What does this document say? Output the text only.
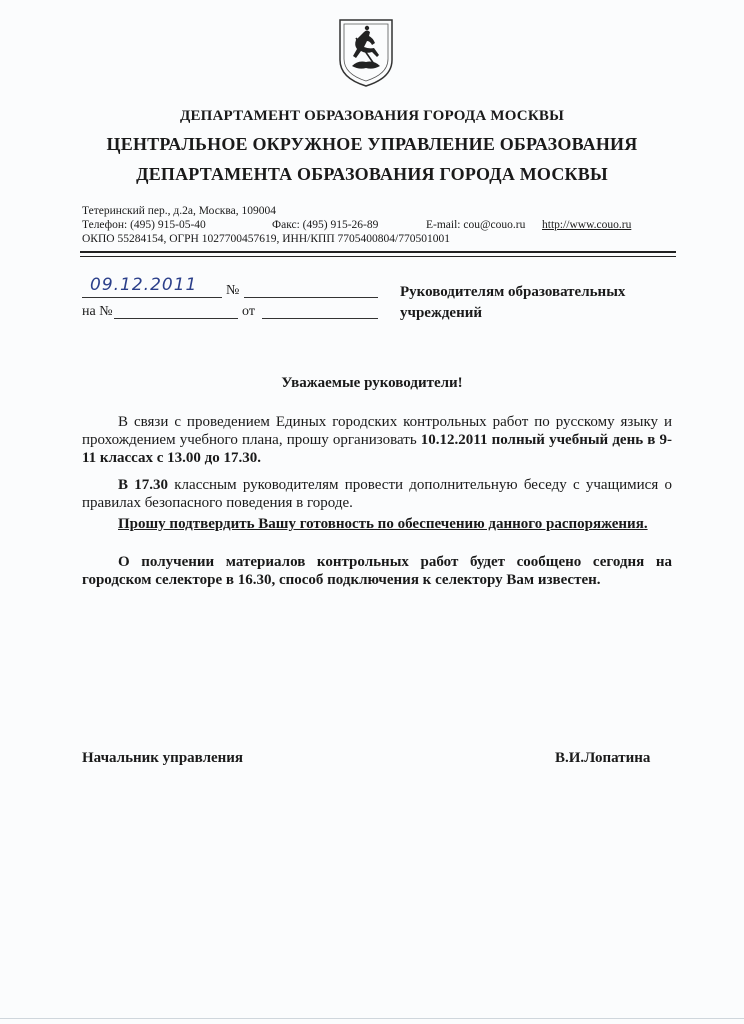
ДЕПАРТАМЕНТ ОБРАЗОВАНИЯ ГОРОДА МОСКВЫ
ЦЕНТРАЛЬНОЕ ОКРУЖНОЕ УПРАВЛЕНИЕ ОБРАЗОВАНИЯ
ДЕПАРТАМЕНТА ОБРАЗОВАНИЯ ГОРОДА МОСКВЫ
Тетеринский пер., д.2а, Москва, 109004
Телефон: (495) 915-05-40	Факс: (495) 915-26-89	E-mail: cou@couo.ru http://www.couo.ru
ОКПО 55284154, ОГРН 1027700457619, ИНН/КПП 7705400804/770501001
09.12.2011 №
на №	от
Руководителям образовательных
учреждений
Уважаемые руководители!
В связи с проведением Единых городских контрольных работ по русскому языку и прохождением учебного плана, прошу организовать 10.12.2011 полный учебный день в 9-11 классах с 13.00 до 17.30.
В 17.30 классным руководителям провести дополнительную беседу с учащимися о правилах безопасного поведения в городе.
Прошу подтвердить Вашу готовность по обеспечению данного распоряжения.
О получении материалов контрольных работ будет сообщено сегодня на городском селекторе в 16.30, способ подключения к селектору Вам известен.
Начальник управления	В.И.Лопатина
